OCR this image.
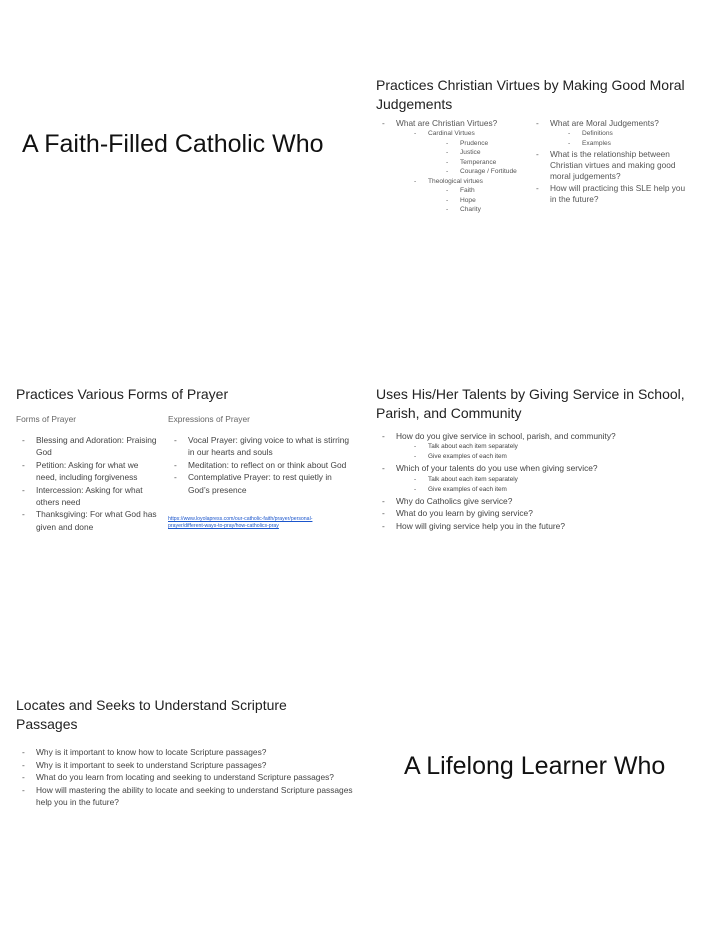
A Faith-Filled Catholic Who
Practices Christian Virtues by Making Good Moral Judgements
- What are Christian Virtues?
- Cardinal Virtues
- Prudence
- Justice
- Temperance
- Courage / Fortitude
- Theological virtues
- Faith
- Hope
- Charity
- What are Moral Judgements?
- Definitions
- Examples
- What is the relationship between Christian virtues and making good moral judgements?
- How will practicing this SLE help you in the future?
Practices Various Forms of Prayer
Forms of Prayer	Expressions of Prayer
- Blessing and Adoration: Praising God
- Petition: Asking for what we need, including forgiveness
- Intercession: Asking for what others need
- Thanksgiving: For what God has given and done
- Vocal Prayer: giving voice to what is stirring in our hearts and souls
- Meditation: to reflect on or think about God
- Contemplative Prayer: to rest quietly in God’s presence
https://www.loyolapress.com/our-catholic-faith/prayer/personal-prayer/different-ways-to-pray/how-catholics-pray
Uses His/Her Talents by Giving Service in School, Parish, and Community
- How do you give service in school, parish, and community?
- Talk about each item separately
- Give examples of each item
- Which of your talents do you use when giving service?
- Talk about each item separately
- Give examples of each item
- Why do Catholics give service?
- What do you learn by giving service?
- How will giving service help you in the future?
Locates and Seeks to Understand Scripture Passages
- Why is it important to know how to locate Scripture passages?
- Why is it important to seek to understand Scripture passages?
- What do you learn from locating and seeking to understand Scripture passages?
- How will mastering the ability to locate and seeking to understand Scripture passages help you in the future?
A Lifelong Learner Who
